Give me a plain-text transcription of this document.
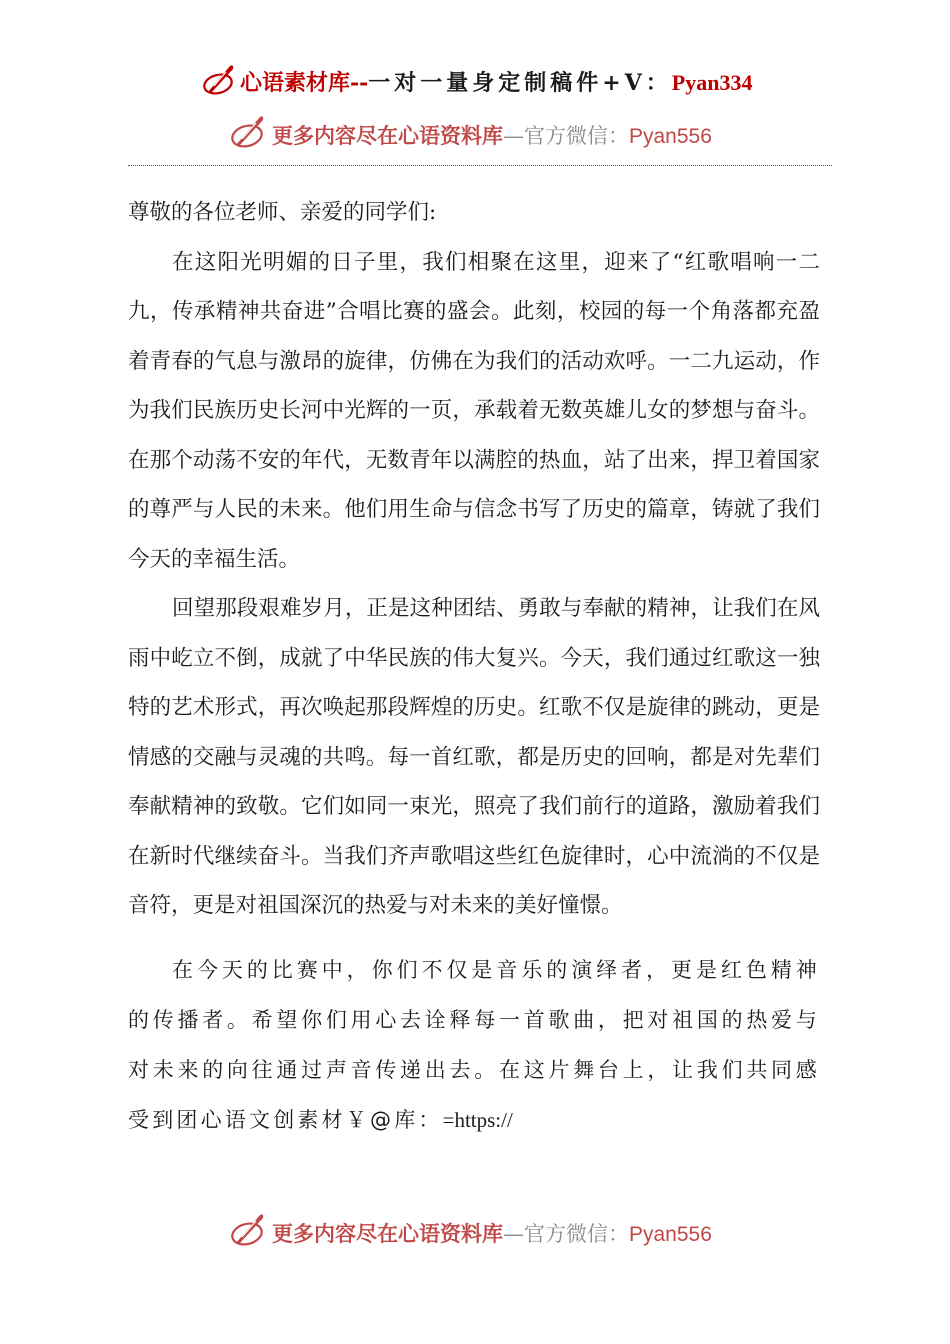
心语素材库--一对一量身定制稿件+V：Pyan334
更多内容尽在心语资料库—官方微信：Pyan556

尊敬的各位老师、亲爱的同学们:

在这阳光明媚的日子里，我们相聚在这里，迎来了“红歌唱响一二九，传承精神共奋进”合唱比赛的盛会。此刻，校园的每一个角落都充盈着青春的气息与激昂的旋律，仿佛在为我们的活动欢呼。一二九运动，作为我们民族历史长河中光辉的一页，承载着无数英雄儿女的梦想与奋斗。在那个动荡不安的年代，无数青年以满腔的热血，站了出来，捍卫着国家的尊严与人民的未来。他们用生命与信念书写了历史的篇章，铸就了我们今天的幸福生活。

回望那段艰难岁月，正是这种团结、勇敢与奉献的精神，让我们在风雨中屹立不倒，成就了中华民族的伟大复兴。今天，我们通过红歌这一独特的艺术形式，再次唤起那段辉煌的历史。红歌不仅是旋律的跳动，更是情感的交融与灵魂的共鸣。每一首红歌，都是历史的回响，都是对先辈们奉献精神的致敬。它们如同一束光，照亮了我们前行的道路，激励着我们在新时代继续奋斗。当我们齐声歌唱这些红色旋律时，心中流淌的不仅是音符，更是对祖国深沉的热爱与对未来的美好憧憬。

在今天的比赛中，你们不仅是音乐的演绎者，更是红色精神的传播者。希望你们用心去诠释每一首歌曲，把对祖国的热爱与对未来的向往通过声音传递出去。在这片舞台上，让我们共同感受到团心语文创素材￥@库：=https://

更多内容尽在心语资料库—官方微信：Pyan556
